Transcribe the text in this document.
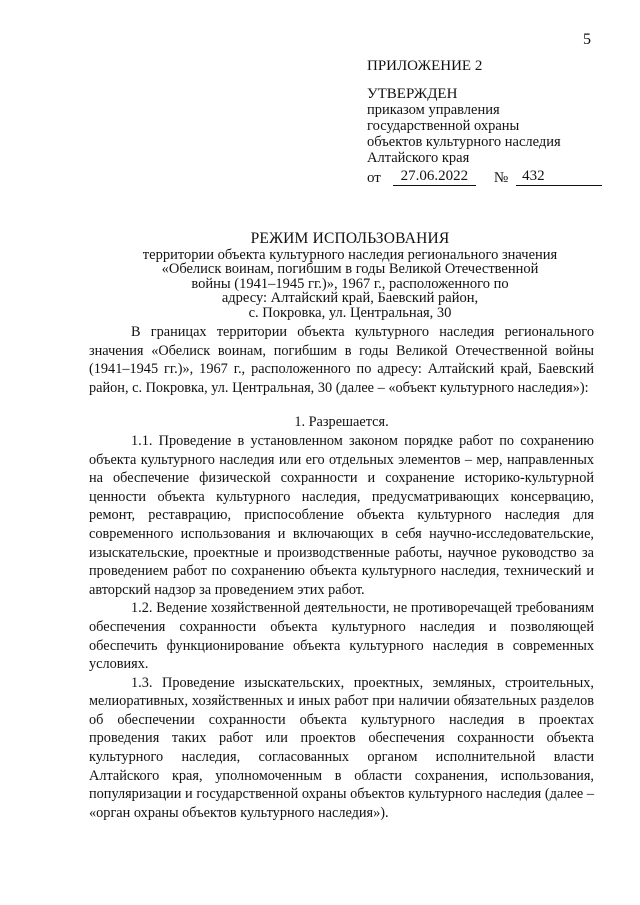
5
ПРИЛОЖЕНИЕ 2
УТВЕРЖДЕН
приказом управления
государственной охраны
объектов культурного наследия
Алтайского края
от	27.06.2022	№ 432
РЕЖИМ ИСПОЛЬЗОВАНИЯ
территории объекта культурного наследия регионального значения
«Обелиск воинам, погибшим в годы Великой Отечественной
войны (1941–1945 гг.)», 1967 г., расположенного по
адресу: Алтайский край, Баевский район,
с. Покровка, ул. Центральная, 30

В границах территории объекта культурного наследия регионального значения «Обелиск воинам, погибшим в годы Великой Отечественной войны (1941–1945 гг.)», 1967 г., расположенного по адресу: Алтайский край, Баевский район, с. Покровка, ул. Центральная, 30 (далее – «объект культурного наследия»):

1. Разрешается.

1.1. Проведение в установленном законом порядке работ по сохранению объекта культурного наследия или его отдельных элементов – мер, направленных на обеспечение физической сохранности и сохранение историко-культурной ценности объекта культурного наследия, предусматривающих консервацию, ремонт, реставрацию, приспособление объекта культурного наследия для современного использования и включающих в себя научно-исследовательские, изыскательские, проектные и производственные работы, научное руководство за проведением работ по сохранению объекта культурного наследия, технический и авторский надзор за проведением этих работ.

1.2. Ведение хозяйственной деятельности, не противоречащей требованиям обеспечения сохранности объекта культурного наследия и позволяющей обеспечить функционирование объекта культурного наследия в современных условиях.

1.3. Проведение изыскательских, проектных, земляных, строительных, мелиоративных, хозяйственных и иных работ при наличии обязательных разделов об обеспечении сохранности объекта культурного наследия в проектах проведения таких работ или проектов обеспечения сохранности объекта культурного наследия, согласованных органом исполнительной власти Алтайского края, уполномоченным в области сохранения, использования, популяризации и государственной охраны объектов культурного наследия (далее – «орган охраны объектов культурного наследия»).
